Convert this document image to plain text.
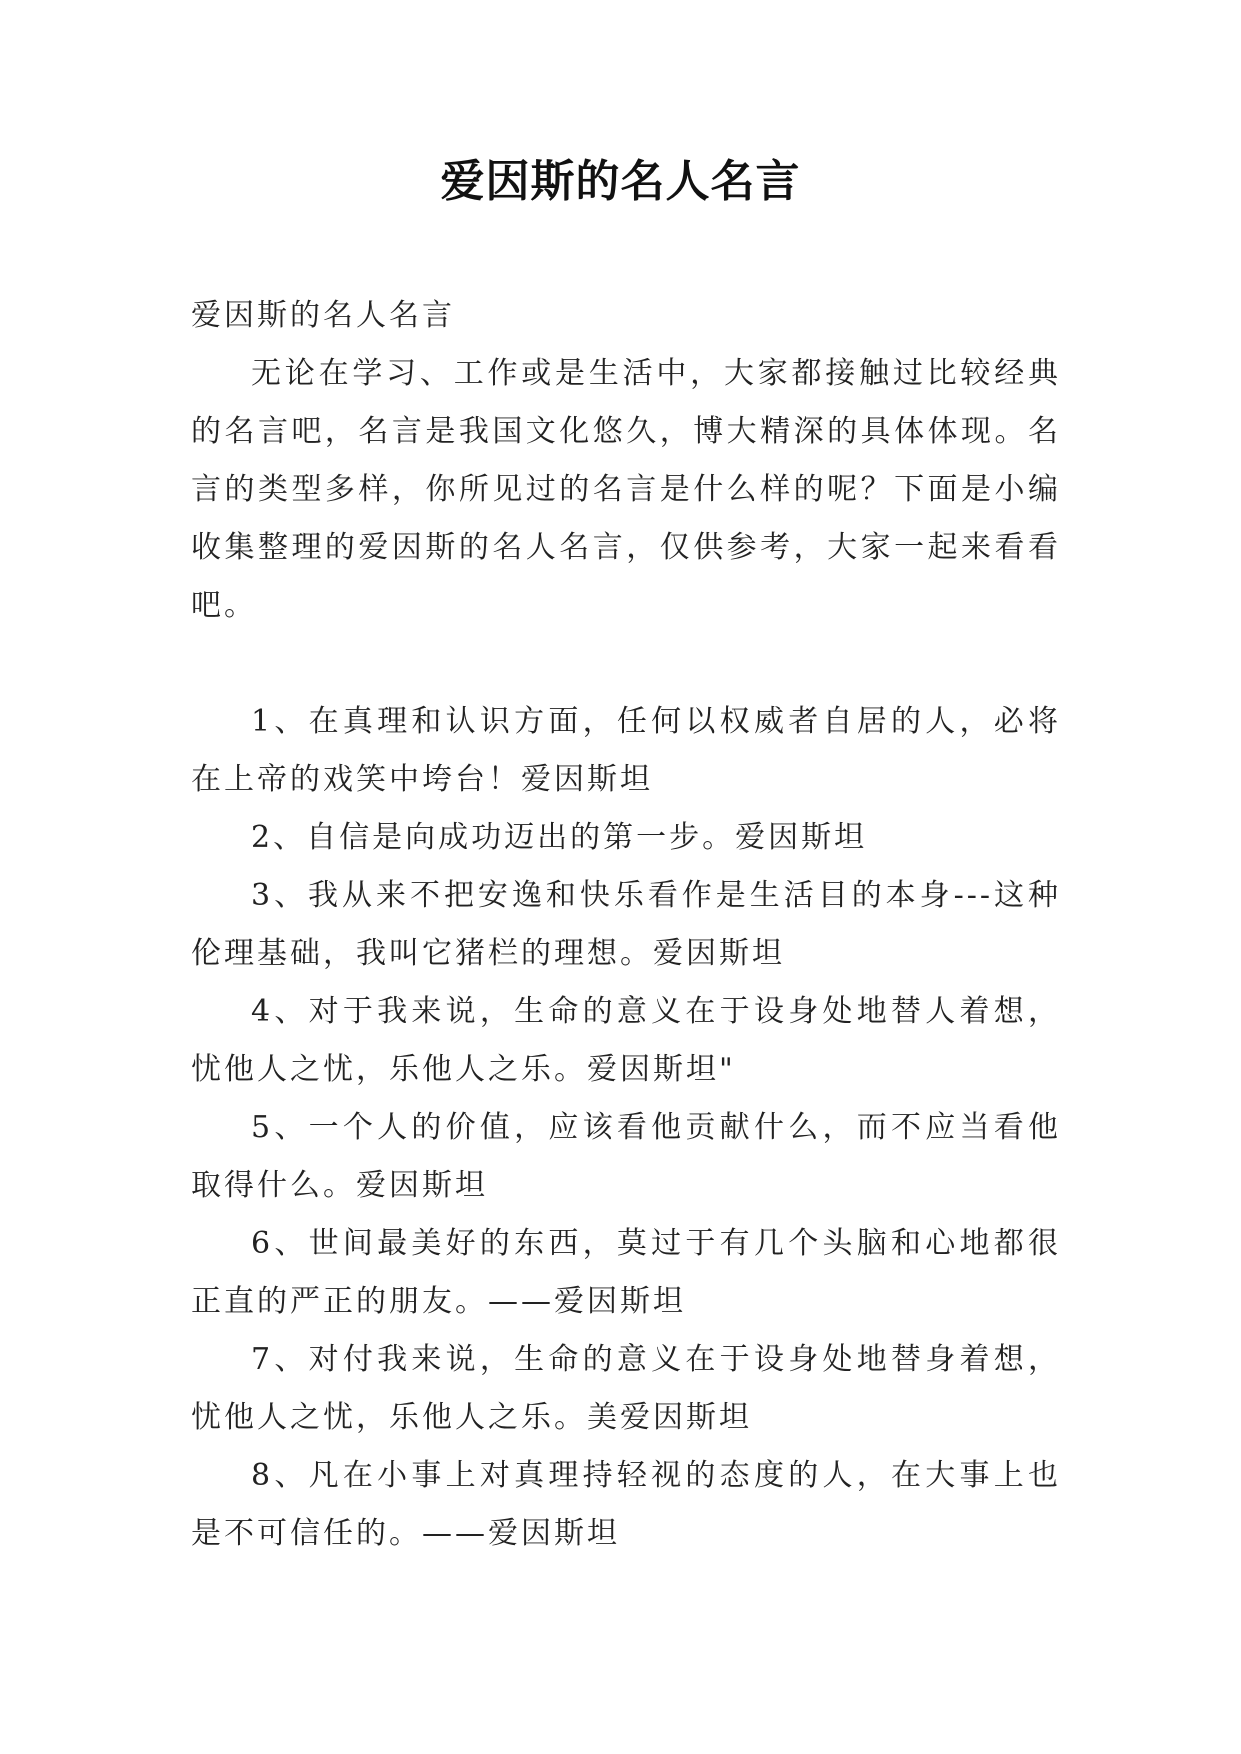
爱因斯的名人名言

爱因斯的名人名言

无论在学习、工作或是生活中，大家都接触过比较经典的名言吧，名言是我国文化悠久，博大精深的具体体现。名言的类型多样，你所见过的名言是什么样的呢？下面是小编收集整理的爱因斯的名人名言，仅供参考，大家一起来看看吧。

1、在真理和认识方面，任何以权威者自居的人，必将在上帝的戏笑中垮台！爱因斯坦

2、自信是向成功迈出的第一步。爱因斯坦

3、我从来不把安逸和快乐看作是生活目的本身---这种伦理基础，我叫它猪栏的理想。爱因斯坦

4、对于我来说，生命的意义在于设身处地替人着想，忧他人之忧，乐他人之乐。爱因斯坦"

5、一个人的价值，应该看他贡献什么，而不应当看他取得什么。爱因斯坦

6、世间最美好的东西，莫过于有几个头脑和心地都很正直的严正的朋友。——爱因斯坦

7、对付我来说，生命的意义在于设身处地替身着想，忧他人之忧，乐他人之乐。美爱因斯坦

8、凡在小事上对真理持轻视的态度的人，在大事上也是不可信任的。——爱因斯坦
